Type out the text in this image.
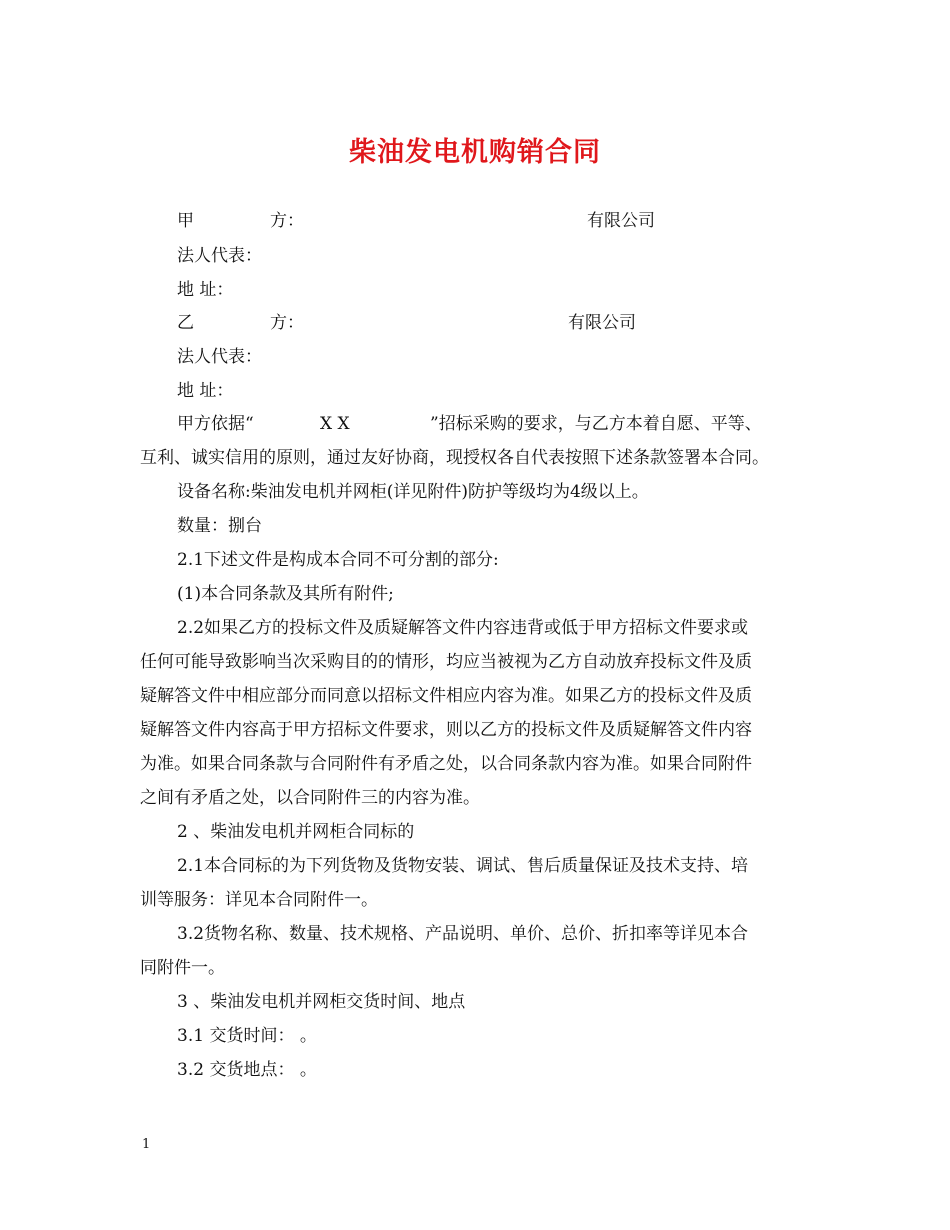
柴油发电机购销合同
甲	方：	有限公司
法人代表：
地 址：
乙	方：	有限公司
法人代表：
地 址：
甲方依据“	X X	”招标采购的要求，与乙方本着自愿、平等、
互利、诚实信用的原则，通过友好协商，现授权各自代表按照下述条款签署本合同。
设备名称:柴油发电机并网柜(详见附件)防护等级均为4级以上。
数量：捌台
2.1下述文件是构成本合同不可分割的部分:
(1)本合同条款及其所有附件;
2.2如果乙方的投标文件及质疑解答文件内容违背或低于甲方招标文件要求或
任何可能导致影响当次采购目的的情形，均应当被视为乙方自动放弃投标文件及质
疑解答文件中相应部分而同意以招标文件相应内容为准。如果乙方的投标文件及质
疑解答文件内容高于甲方招标文件要求，则以乙方的投标文件及质疑解答文件内容
为准。如果合同条款与合同附件有矛盾之处，以合同条款内容为准。如果合同附件
之间有矛盾之处，以合同附件三的内容为准。
2 、柴油发电机并网柜合同标的
2.1本合同标的为下列货物及货物安装、调试、售后质量保证及技术支持、培
训等服务：详见本合同附件一。
3.2货物名称、数量、技术规格、产品说明、单价、总价、折扣率等详见本合
同附件一。
3 、柴油发电机并网柜交货时间、地点
3.1 交货时间： 。
3.2 交货地点： 。
1
